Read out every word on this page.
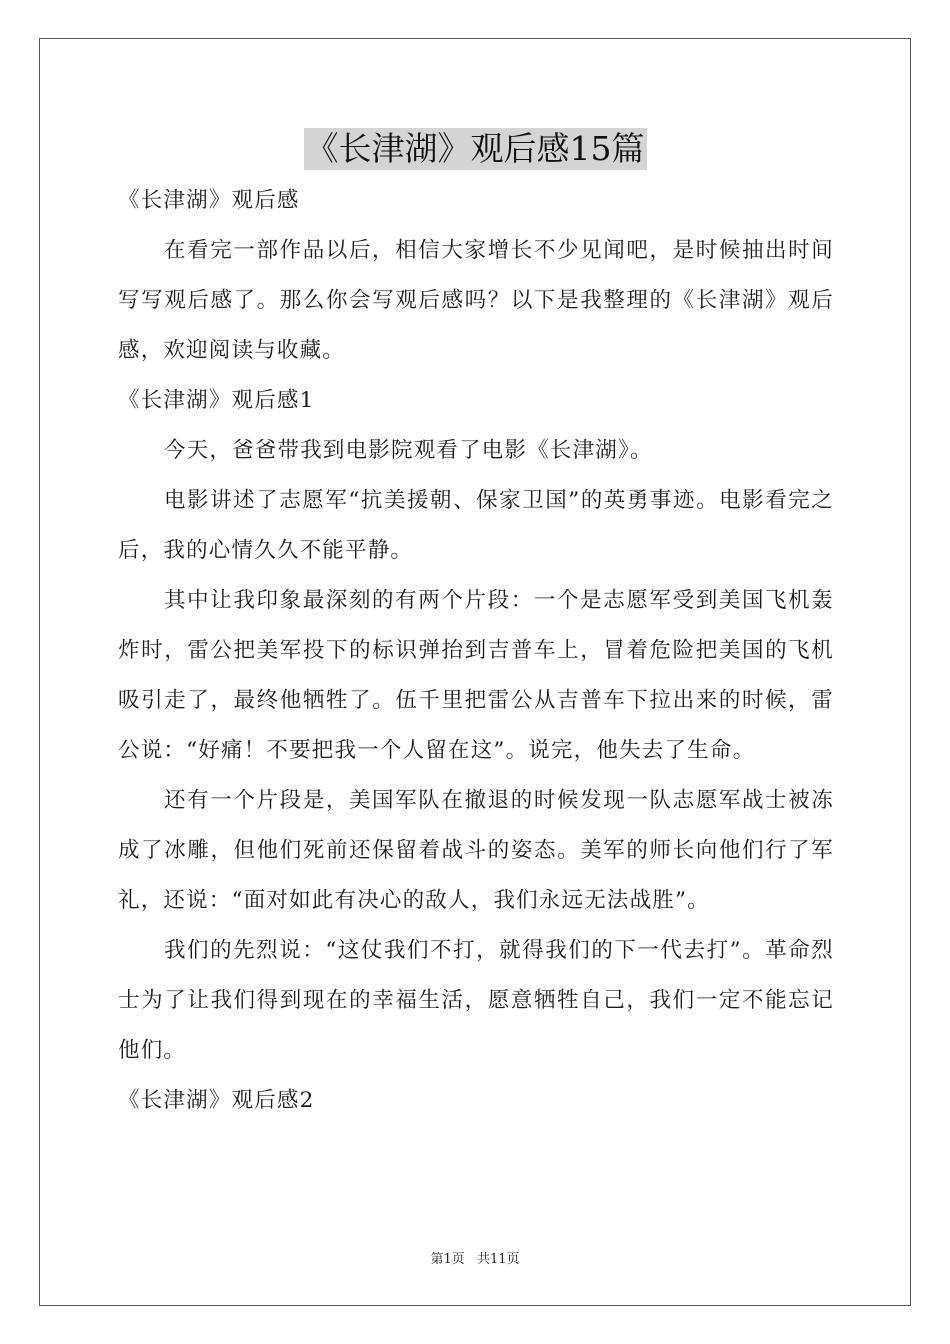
《长津湖》观后感15篇

《长津湖》观后感

在看完一部作品以后，相信大家增长不少见闻吧，是时候抽出时间写写观后感了。那么你会写观后感吗？以下是我整理的《长津湖》观后感，欢迎阅读与收藏。

《长津湖》观后感1

今天，爸爸带我到电影院观看了电影《长津湖》。

电影讲述了志愿军“抗美援朝、保家卫国”的英勇事迹。电影看完之后，我的心情久久不能平静。

其中让我印象最深刻的有两个片段：一个是志愿军受到美国飞机轰炸时，雷公把美军投下的标识弹抬到吉普车上，冒着危险把美国的飞机吸引走了，最终他牺牲了。伍千里把雷公从吉普车下拉出来的时候，雷公说：“好痛！不要把我一个人留在这”。说完，他失去了生命。

还有一个片段是，美国军队在撤退的时候发现一队志愿军战士被冻成了冰雕，但他们死前还保留着战斗的姿态。美军的师长向他们行了军礼，还说：“面对如此有决心的敌人，我们永远无法战胜”。

我们的先烈说：“这仗我们不打，就得我们的下一代去打”。革命烈士为了让我们得到现在的幸福生活，愿意牺牲自己，我们一定不能忘记他们。

《长津湖》观后感2

第1页 共11页
